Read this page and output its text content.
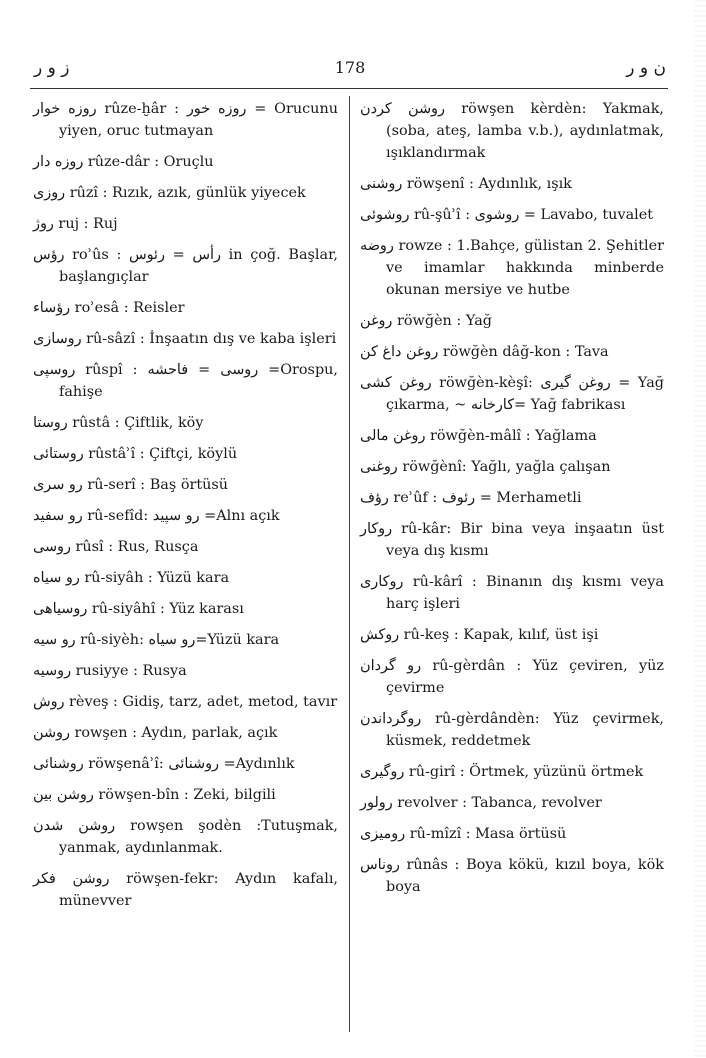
ز و ر	178	ن و ر

روزه خوار rûze-ḫâr : روزه خور = Orucunu yiyen, oruc tutmayan

روزه دار rûze-dâr : Oruçlu

روزى rûzî : Rızık, azık, günlük yiyecek

روژ ruj : Ruj

رؤس roʾûs : رأس = رئوس in çoğ. Başlar, başlangıçlar

رؤساء roʾesâ : Reisler

روسازى rû-sâzî : İnşaatın dış ve kaba işleri

روسپى rûspî : روسى = فاحشه =Orospu, fahişe

روستا rûstâ : Çiftlik, köy

روستائى rûstâʾî : Çiftçi, köylü

رو سرى rû-serî : Baş örtüsü

رو سفيد rû-sefîd: رو سپيد =Alnı açık

روسى rûsî : Rus, Rusça

رو سياه rû-siyâh : Yüzü kara

روسياهى rû-siyâhî : Yüz karası

رو سيه rû-siyèh: رو سياه=Yüzü kara

روسيه rusiyye : Rusya

روش rèveş : Gidiş, tarz, adet, metod, tavır

روشن rowşen : Aydın, parlak, açık

روشنائى röwşenâʾî: روشنائى =Aydınlık

روشن بين röwşen-bîn : Zeki, bilgili

روشن شدن rowşen şodèn :Tutuşmak, yanmak, aydınlanmak.

روشن فكر röwşen-fekr: Aydın kafalı, münevver

روشن كردن röwşen kèrdèn: Yakmak, (soba, ateş, lamba v.b.), aydınlatmak, ışıklandırmak

روشنى röwşenî : Aydınlık, ışık

روشوئى rû-şûʾî : روشوى = Lavabo, tuvalet

روضه rowze : 1.Bahçe, gülistan 2. Şehitler ve imamlar hakkında minberde okunan mersiye ve hutbe

روغن röwğèn : Yağ

روغن داغ كن röwğèn dâğ-kon : Tava

روغن كشى röwğèn-kèşî: روغن گيرى = Yağ çıkarma, ~ كارخانه= Yağ fabrikası

روغن مالى röwğèn-mâlî : Yağlama

روغنى röwğènî: Yağlı, yağla çalışan

رؤف reʾûf : رئوف = Merhametli

روكار rû-kâr: Bir bina veya inşaatın üst veya dış kısmı

روكارى rû-kârî : Binanın dış kısmı veya harç işleri

روكش rû-keş : Kapak, kılıf, üst işi

رو گردان rû-gèrdân : Yüz çeviren, yüz çevirme

روگرداندن rû-gèrdândèn: Yüz çevirmek, küsmek, reddetmek

روگيرى rû-girî : Örtmek, yüzünü örtmek

رولور revolver : Tabanca, revolver

روميزى rû-mîzî : Masa örtüsü

روناس rûnâs : Boya kökü, kızıl boya, kök boya
